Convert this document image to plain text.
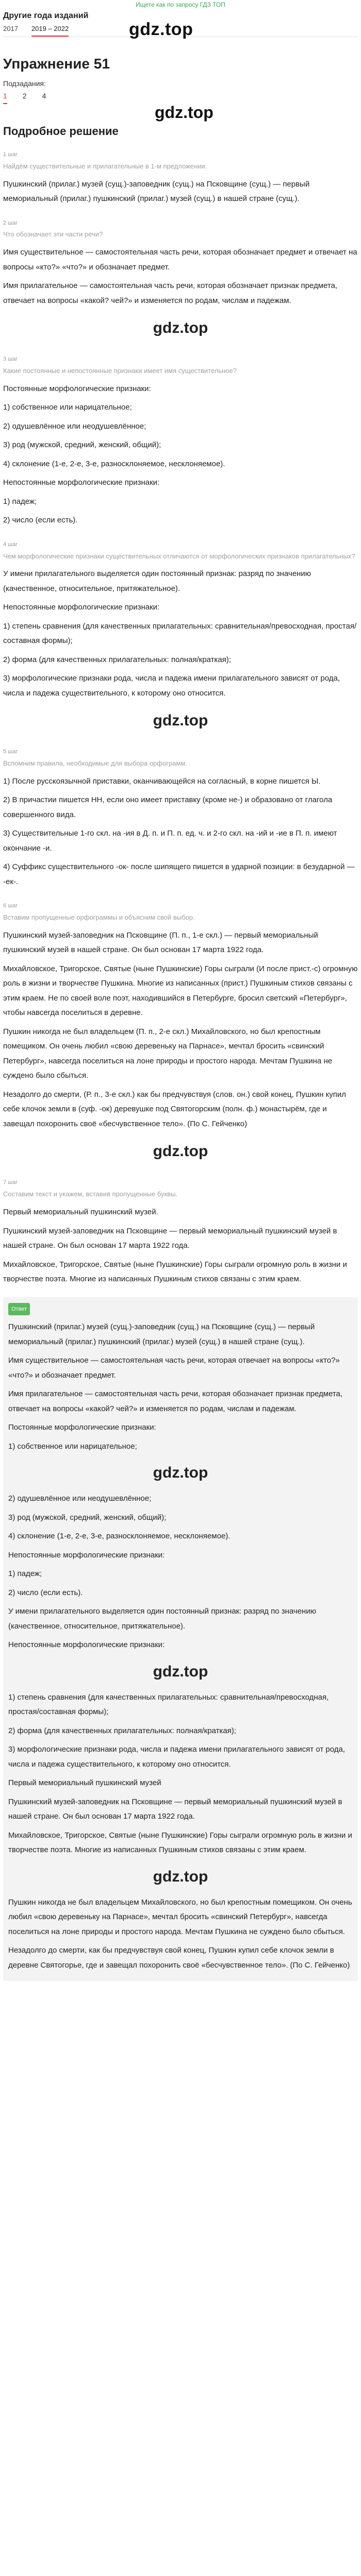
Ищете как по запросу ГДЗ ТОП
Другие года изданий
2017 2019 – 2022	gdz.top
Упражнение 51
Подзадания:
1 2 4
gdz.top
Подробное решение
1 шаг
Найдём существительные и прилагательные в 1-м предложении.
Пушкинский (прилаг.) музей (сущ.)-заповедник (сущ.) на Псковщине (сущ.) — первый мемориальный (прилаг.) пушкинский (прилаг.) музей (сущ.) в нашей стране (сущ.).
2 шаг
Что обозначает эти части речи?
Имя существительное — самостоятельная часть речи, которая обозначает предмет и отвечает на вопросы «кто?» «что?» и обозначает предмет.
Имя прилагательное — самостоятельная часть речи, которая обозначает признак предмета, отвечает на вопросы «какой? чей?» и изменяется по родам, числам и падежам.
gdz.top
3 шаг
Какие постоянные и непостоянные признаки имеет имя существительное?
Постоянные морфологические признаки:
1) собственное или нарицательное;
2) одушевлённое или неодушевлённое;
3) род (мужской, средний, женский, общий);
4) склонение (1-е, 2-е, 3-е, разносклоняемое, несклоняемое).
Непостоянные морфологические признаки:
1) падеж;
2) число (если есть).
4 шаг
Чем морфологические признаки существительных отличаются от морфологических признаков прилагательных?
У имени прилагательного выделяется один постоянный признак: разряд по значению (качественное, относительное, притяжательное).
Непостоянные морфологические признаки:
1) степень сравнения (для качественных прилагательных: сравнительная/превосходная, простая/составная формы);
2) форма (для качественных прилагательных: полная/краткая);
3) морфологические признаки рода, числа и падежа имени прилагательного зависят от рода, числа и падежа существительного, к которому оно относится.
gdz.top
5 шаг
Вспомним правила, необходимые для выбора орфограмм.
1) После русскоязычной приставки, оканчивающейся на согласный, в корне пишется Ы.
2) В причастии пишется НН, если оно имеет приставку (кроме не-) и образовано от глагола совершенного вида.
3) Существительные 1-го скл. на -ия в Д. п. и П. п. ед. ч. и 2-го скл. на -ий и -ие в П. п. имеют окончание -и.
4) Суффикс существительного -ок- после шипящего пишется в ударной позиции: в безударной — -ек-.
6 шаг
Вставим пропущенные орфограммы и объясним свой выбор.
Пушкинский музей-заповедник на Псковщине (П. п., 1-е скл.) — первый мемориальный пушкинский музей в нашей стране. Он был основан 17 марта 1922 года.
Михайловское, Тригорское, Святые (ныне Пушкинские) Горы сыграли (И после прист.-с) огромную роль в жизни и творчестве Пушкина. Многие из написанных (прист.) Пушкиным стихов связаны с этим краем. Не по своей воле поэт, находившийся в Петербурге, бросил светский «Петербург», чтобы навсегда поселиться в деревне.
Пушкин никогда не был владельцем (П. п., 2-е скл.) Михайловского, но был крепостным помещиком. Он очень любил «свою деревеньку на Парнасе», мечтал бросить «свинский Петербург», навсегда поселиться на лоне природы и простого народа. Мечтам Пушкина не суждено было сбыться.
Незадолго до смерти, (Р. п., 3-е скл.) как бы предчувствуя (слов. он.) свой конец, Пушкин купил себе клочок земли в (суф. -ок) деревушке под Святогорским (полн. ф.) монастырём, где и завещал похоронить своё «бесчувственное тело». (По С. Гейченко)
gdz.top
7 шаг
Составим текст и укажем, вставив пропущенные буквы.
Первый мемориальный пушкинский музей.
Пушкинский музей-заповедник на Псковщине — первый мемориальный пушкинский музей в нашей стране. Он был основан 17 марта 1922 года.
Михайловское, Тригорское, Святые (ныне Пушкинские) Горы сыграли огромную роль в жизни и творчестве поэта. Многие из написанных Пушкиным стихов связаны с этим краем.
Ответ
Пушкинский (прилаг.) музей (сущ.)-заповедник (сущ.) на Псковщине (сущ.) — первый мемориальный (прилаг.) пушкинский (прилаг.) музей (сущ.) в нашей стране (сущ.).
Имя существительное — самостоятельная часть речи, которая отвечает на вопросы «кто?» «что?» и обозначает предмет.
Имя прилагательное — самостоятельная часть речи, которая обозначает признак предмета, отвечает на вопросы «какой? чей?» и изменяется по родам, числам и падежам.
Постоянные морфологические признаки:
1) собственное или нарицательное;
gdz.top
2) одушевлённое или неодушевлённое;
3) род (мужской, средний, женский, общий);
4) склонение (1-е, 2-е, 3-е, разносклоняемое, несклоняемое).
Непостоянные морфологические признаки:
1) падеж;
2) число (если есть).
У имени прилагательного выделяется один постоянный признак: разряд по значению (качественное, относительное, притяжательное).
Непостоянные морфологические признаки:
gdz.top
1) степень сравнения (для качественных прилагательных: сравнительная/превосходная, простая/составная формы);
2) форма (для качественных прилагательных: полная/краткая);
3) морфологические признаки рода, числа и падежа имени прилагательного зависят от рода, числа и падежа существительного, к которому оно относится.
Первый мемориальный пушкинский музей
Пушкинский музей-заповедник на Псковщине — первый мемориальный пушкинский музей в нашей стране. Он был основан 17 марта 1922 года.
Михайловское, Тригорское, Святые (ныне Пушкинские) Горы сыграли огромную роль в жизни и творчестве поэта. Многие из написанных Пушкиным стихов связаны с этим краем.
gdz.top
Пушкин никогда не был владельцем Михайловского, но был крепостным помещиком. Он очень любил «свою деревеньку на Парнасе», мечтал бросить «свинский Петербург», навсегда поселиться на лоне природы и простого народа. Мечтам Пушкина не суждено было сбыться.
Незадолго до смерти, как бы предчувствуя свой конец, Пушкин купил себе клочок земли в деревне Святогорье, где и завещал похоронить своё «бесчувственное тело». (По С. Гейченко)
